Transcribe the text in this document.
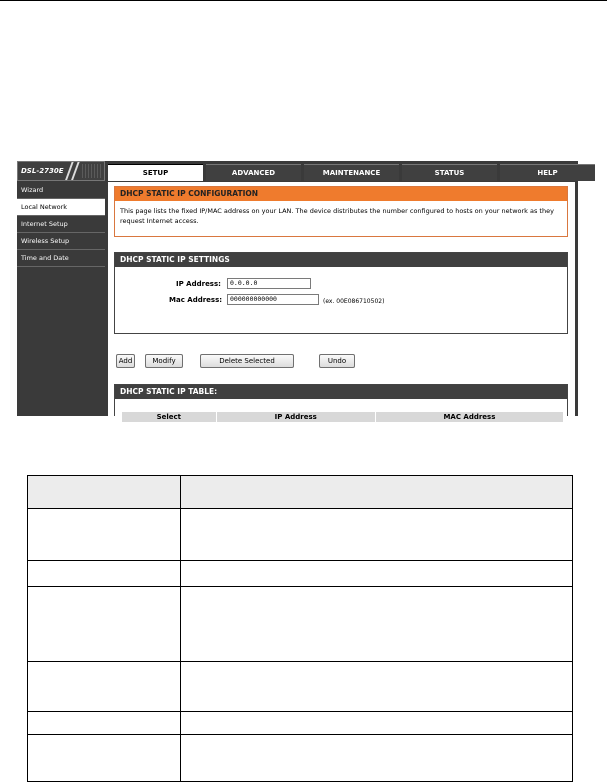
DSL-2730E	SETUP	ADVANCED	MAINTENANCE	STATUS	HELP
Wizard
Local Network
Internet Setup
Wireless Setup
Time and Date
DHCP STATIC IP CONFIGURATION
This page lists the fixed IP/MAC address on your LAN. The device distributes the number configured to hosts on your network as they request Internet access.
DHCP STATIC IP SETTINGS
IP Address:	0.0.0.0
Mac Address:	000000000000	(ex. 00E086710502)
Add	Modify	Delete Selected	Undo
DHCP STATIC IP TABLE:
Select	IP Address	MAC Address
